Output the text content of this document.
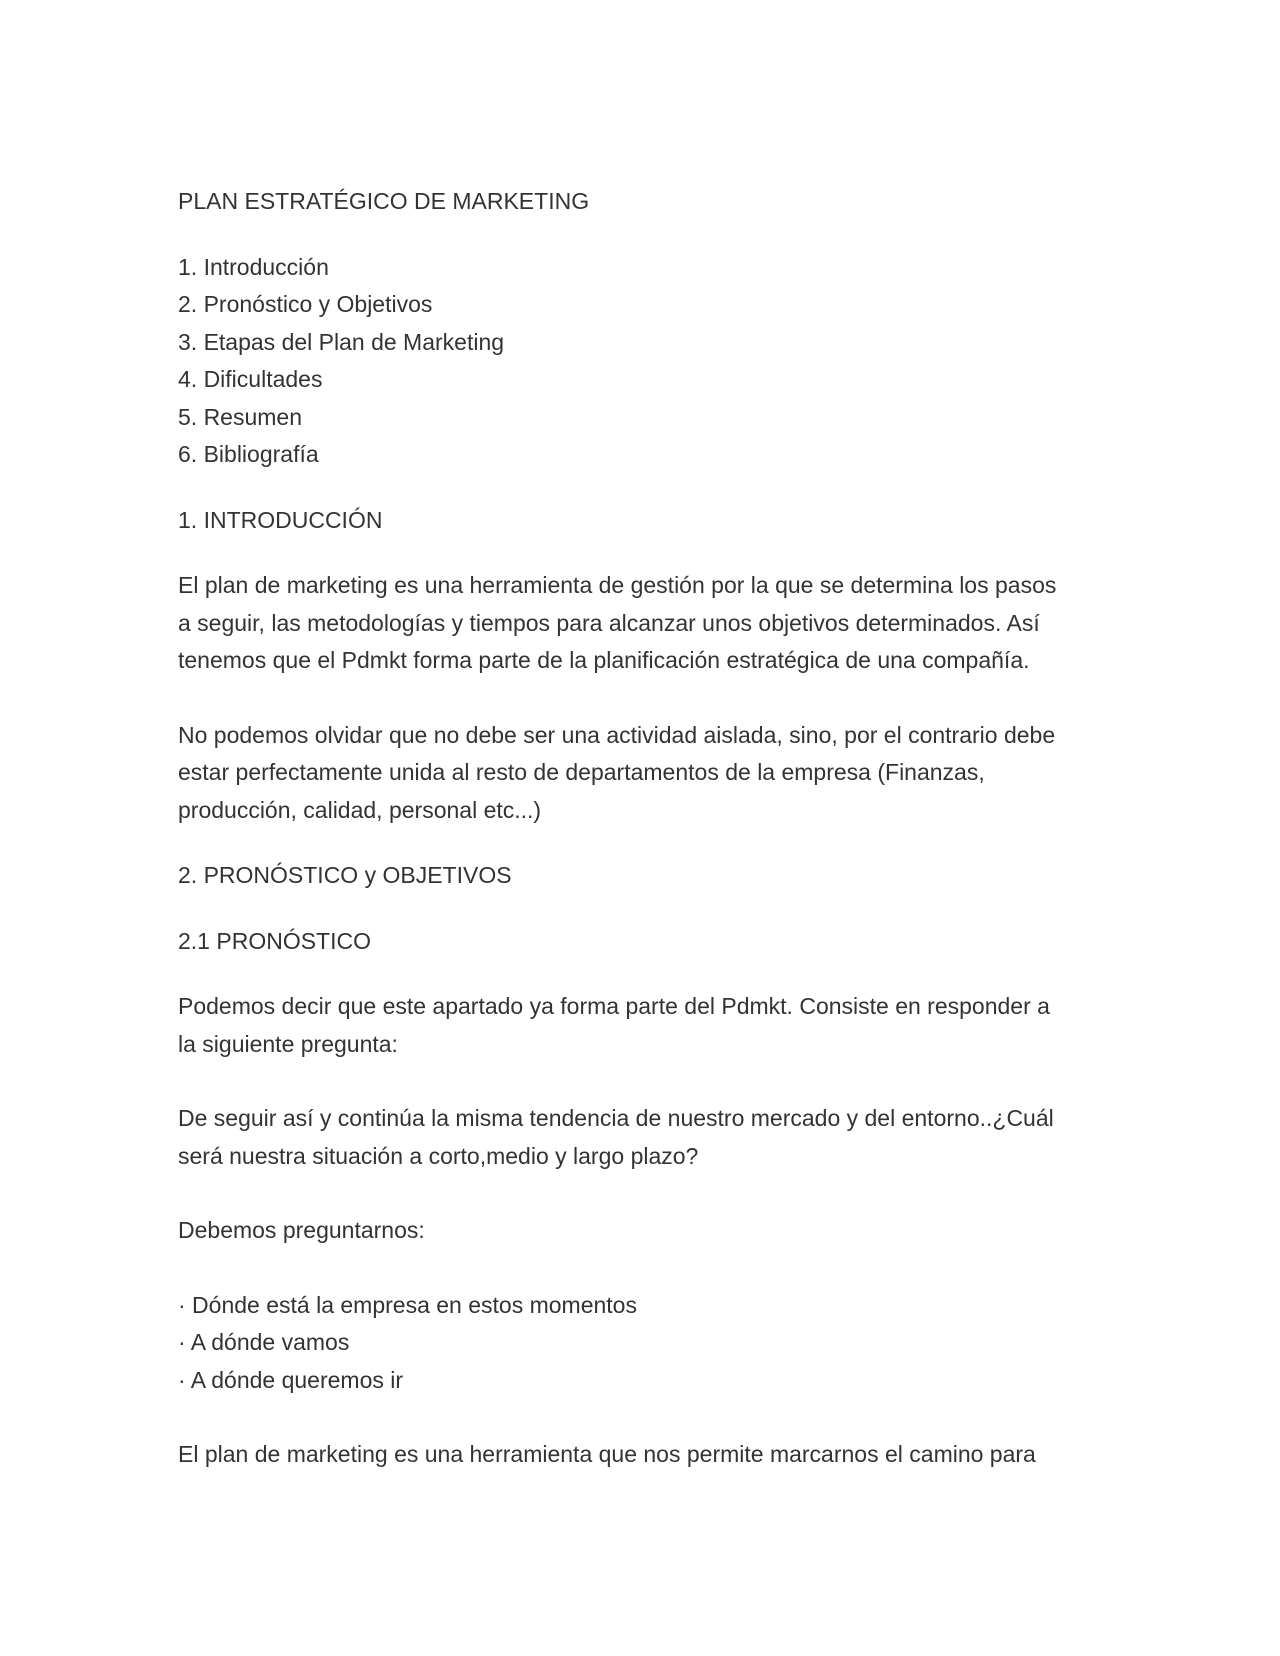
PLAN ESTRATÉGICO DE MARKETING

1. Introducción
2. Pronóstico y Objetivos
3. Etapas del Plan de Marketing
4. Dificultades
5. Resumen
6. Bibliografía

1. INTRODUCCIÓN

El plan de marketing es una herramienta de gestión por la que se determina los pasos
a seguir, las metodologías y tiempos para alcanzar unos objetivos determinados. Así
tenemos que el Pdmkt forma parte de la planificación estratégica de una compañía.
No podemos olvidar que no debe ser una actividad aislada, sino, por el contrario debe
estar perfectamente unida al resto de departamentos de la empresa (Finanzas,
producción, calidad, personal etc...)

2. PRONÓSTICO y OBJETIVOS

2.1 PRONÓSTICO

Podemos decir que este apartado ya forma parte del Pdmkt. Consiste en responder a
la siguiente pregunta:
De seguir así y continúa la misma tendencia de nuestro mercado y del entorno..¿Cuál
será nuestra situación a corto,medio y largo plazo?

Debemos preguntarnos:

· Dónde está la empresa en estos momentos
· A dónde vamos
· A dónde queremos ir

El plan de marketing es una herramienta que nos permite marcarnos el camino para
